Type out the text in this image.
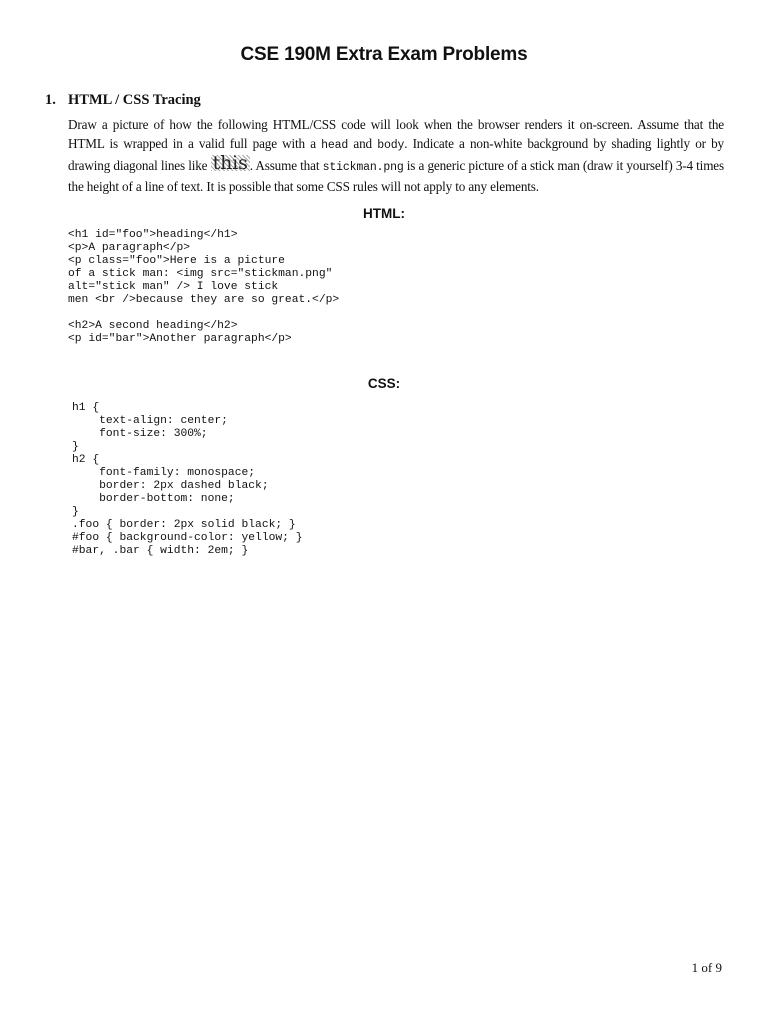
CSE 190M Extra Exam Problems
1. HTML / CSS Tracing
Draw a picture of how the following HTML/CSS code will look when the browser renders it on-screen. Assume that the HTML is wrapped in a valid full page with a head and body. Indicate a non-white background by shading lightly or by drawing diagonal lines like this . Assume that stickman.png is a generic picture of a stick man (draw it yourself) 3-4 times the height of a line of text. It is possible that some CSS rules will not apply to any elements.
HTML:
<h1 id="foo">heading</h1>
<p>A paragraph</p>
<p class="foo">Here is a picture
of a stick man: <img src="stickman.png"
alt="stick man" /> I love stick
men <br />because they are so great.</p>

<h2>A second heading</h2>
<p id="bar">Another paragraph</p>
CSS:
h1 {
text-align: center;
font-size: 300%;
}
h2 {
font-family: monospace;
border: 2px dashed black;
border-bottom: none;
}
.foo { border: 2px solid black; }
#foo { background-color: yellow; }
#bar, .bar { width: 2em; }
1 of 9
